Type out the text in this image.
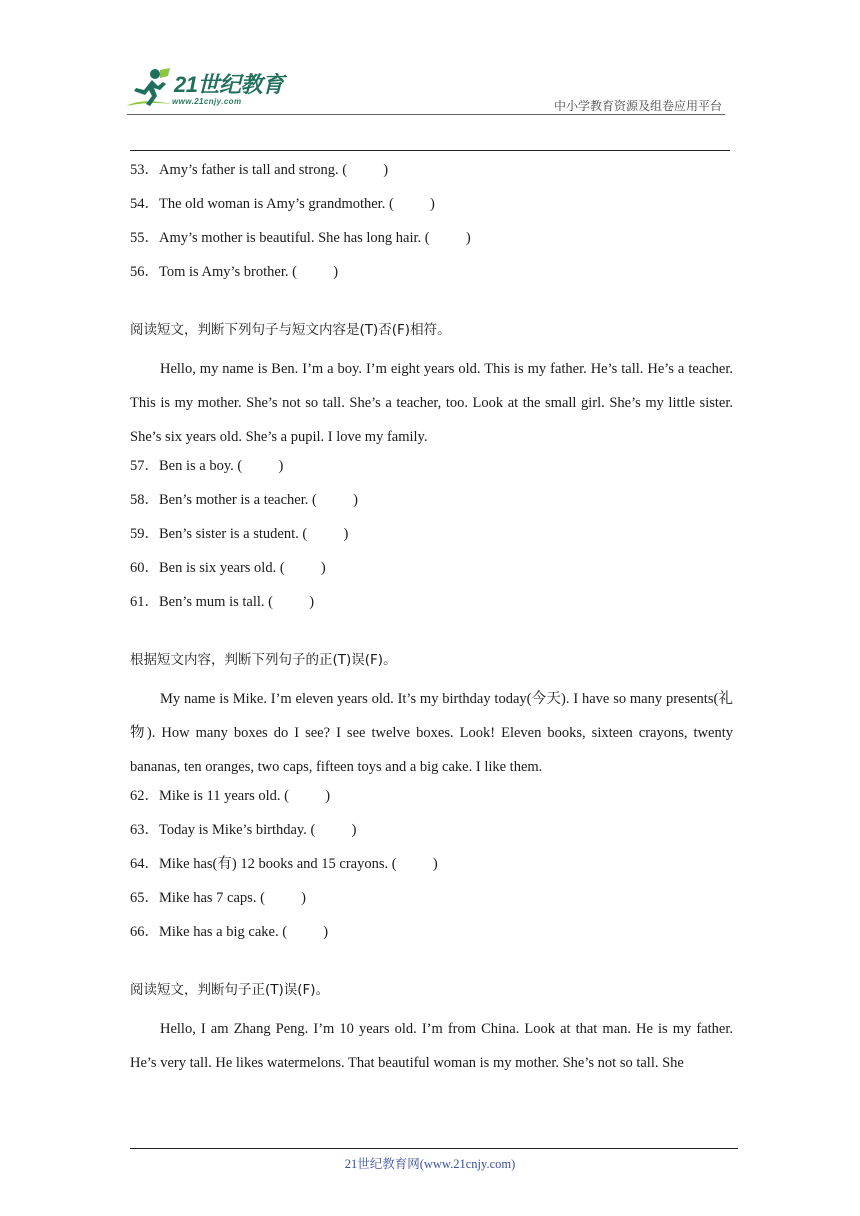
21世纪教育
www.21cnjy.com	中小学教育资源及组卷应用平台
53．Amy’s father is tall and strong. (          )
54．The old woman is Amy’s grandmother. (          )
55．Amy’s mother is beautiful. She has long hair. (          )
56．Tom is Amy’s brother. (          )
阅读短文，判断下列句子与短文内容是(T)否(F)相符。

Hello, my name is Ben. I’m a boy. I’m eight years old. This is my father. He’s tall. He’s a teacher. This is my mother. She’s not so tall. She’s a teacher, too. Look at the small girl. She’s my little sister. She’s six years old. She’s a pupil. I love my family.

57．Ben is a boy. (          )
58．Ben’s mother is a teacher. (          )
59．Ben’s sister is a student. (          )
60．Ben is six years old. (          )
61．Ben’s mum is tall. (          )
根据短文内容，判断下列句子的正(T)误(F)。

My name is Mike. I’m eleven years old. It’s my birthday today(今天). I have so many presents(礼物). How many boxes do I see? I see twelve boxes. Look! Eleven books, sixteen crayons, twenty bananas, ten oranges, two caps, fifteen toys and a big cake. I like them.

62．Mike is 11 years old. (          )
63．Today is Mike’s birthday. (          )
64．Mike has(有) 12 books and 15 crayons. (          )
65．Mike has 7 caps. (          )
66．Mike has a big cake. (          )
阅读短文，判断句子正(T)误(F)。

Hello, I am Zhang Peng. I’m 10 years old. I’m from China. Look at that man. He is my father. He’s very tall. He likes watermelons. That beautiful woman is my mother. She’s not so tall. She

21世纪教育网(www.21cnjy.com)
